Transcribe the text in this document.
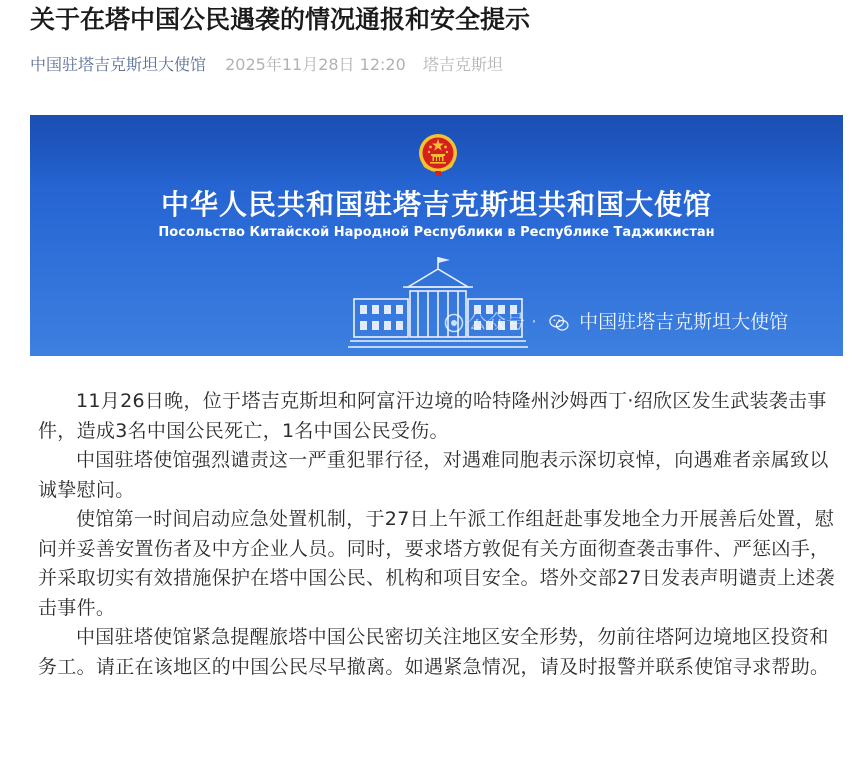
关于在塔中国公民遇袭的情况通报和安全提示
中国驻塔吉克斯坦大使馆 2025年11月28日 12:20 塔吉克斯坦
中华人民共和国驻塔吉克斯坦共和国大使馆
Посольство Китайской Народной Республики в Республике Таджикистан
公众号 · 中国驻塔吉克斯坦大使馆

11月26日晚，位于塔吉克斯坦和阿富汗边境的哈特隆州沙姆西丁·绍欣区发生武装袭击事件，造成3名中国公民死亡，1名中国公民受伤。

中国驻塔使馆强烈谴责这一严重犯罪行径，对遇难同胞表示深切哀悼，向遇难者亲属致以诚挚慰问。

使馆第一时间启动应急处置机制，于27日上午派工作组赶赴事发地全力开展善后处置，慰问并妥善安置伤者及中方企业人员。同时，要求塔方敦促有关方面彻查袭击事件、严惩凶手，并采取切实有效措施保护在塔中国公民、机构和项目安全。塔外交部27日发表声明谴责上述袭击事件。

中国驻塔使馆紧急提醒旅塔中国公民密切关注地区安全形势，勿前往塔阿边境地区投资和务工。请正在该地区的中国公民尽早撤离。如遇紧急情况，请及时报警并联系使馆寻求帮助。
